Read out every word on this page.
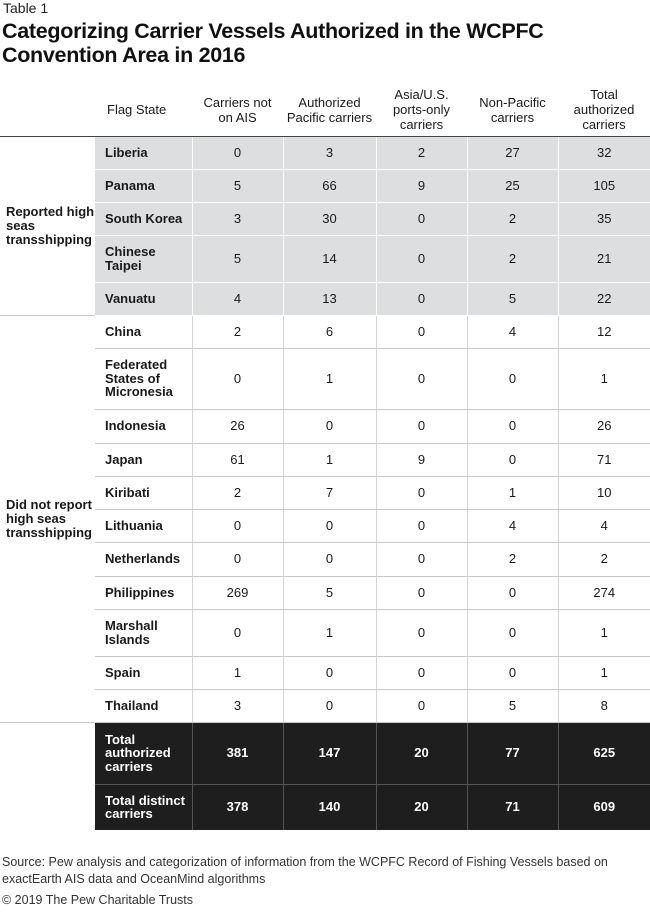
Table 1
Categorizing Carrier Vessels Authorized in the WCPFC Convention Area in 2016
	Flag State	Carriers not on AIS	Authorized Pacific carriers	Asia/U.S. ports-only carriers	Non-Pacific carriers	Total authorized carriers
Reported high seas transshipping	Liberia	0	3	2	27	32
	Panama	5	66	9	25	105
	South Korea	3	30	0	2	35
	Chinese Taipei	5	14	0	2	21
	Vanuatu	4	13	0	5	22
Did not report high seas transshipping	China	2	6	0	4	12
	Federated States of Micronesia	0	1	0	0	1
	Indonesia	26	0	0	0	26
	Japan	61	1	9	0	71
	Kiribati	2	7	0	1	10
	Lithuania	0	0	0	4	4
	Netherlands	0	0	0	2	2
	Philippines	269	5	0	0	274
	Marshall Islands	0	1	0	0	1
	Spain	1	0	0	0	1
	Thailand	3	0	0	5	8
	Total authorized carriers	381	147	20	77	625
	Total distinct carriers	378	140	20	71	609
Source: Pew analysis and categorization of information from the WCPFC Record of Fishing Vessels based on exactEarth AIS data and OceanMind algorithms
© 2019 The Pew Charitable Trusts
